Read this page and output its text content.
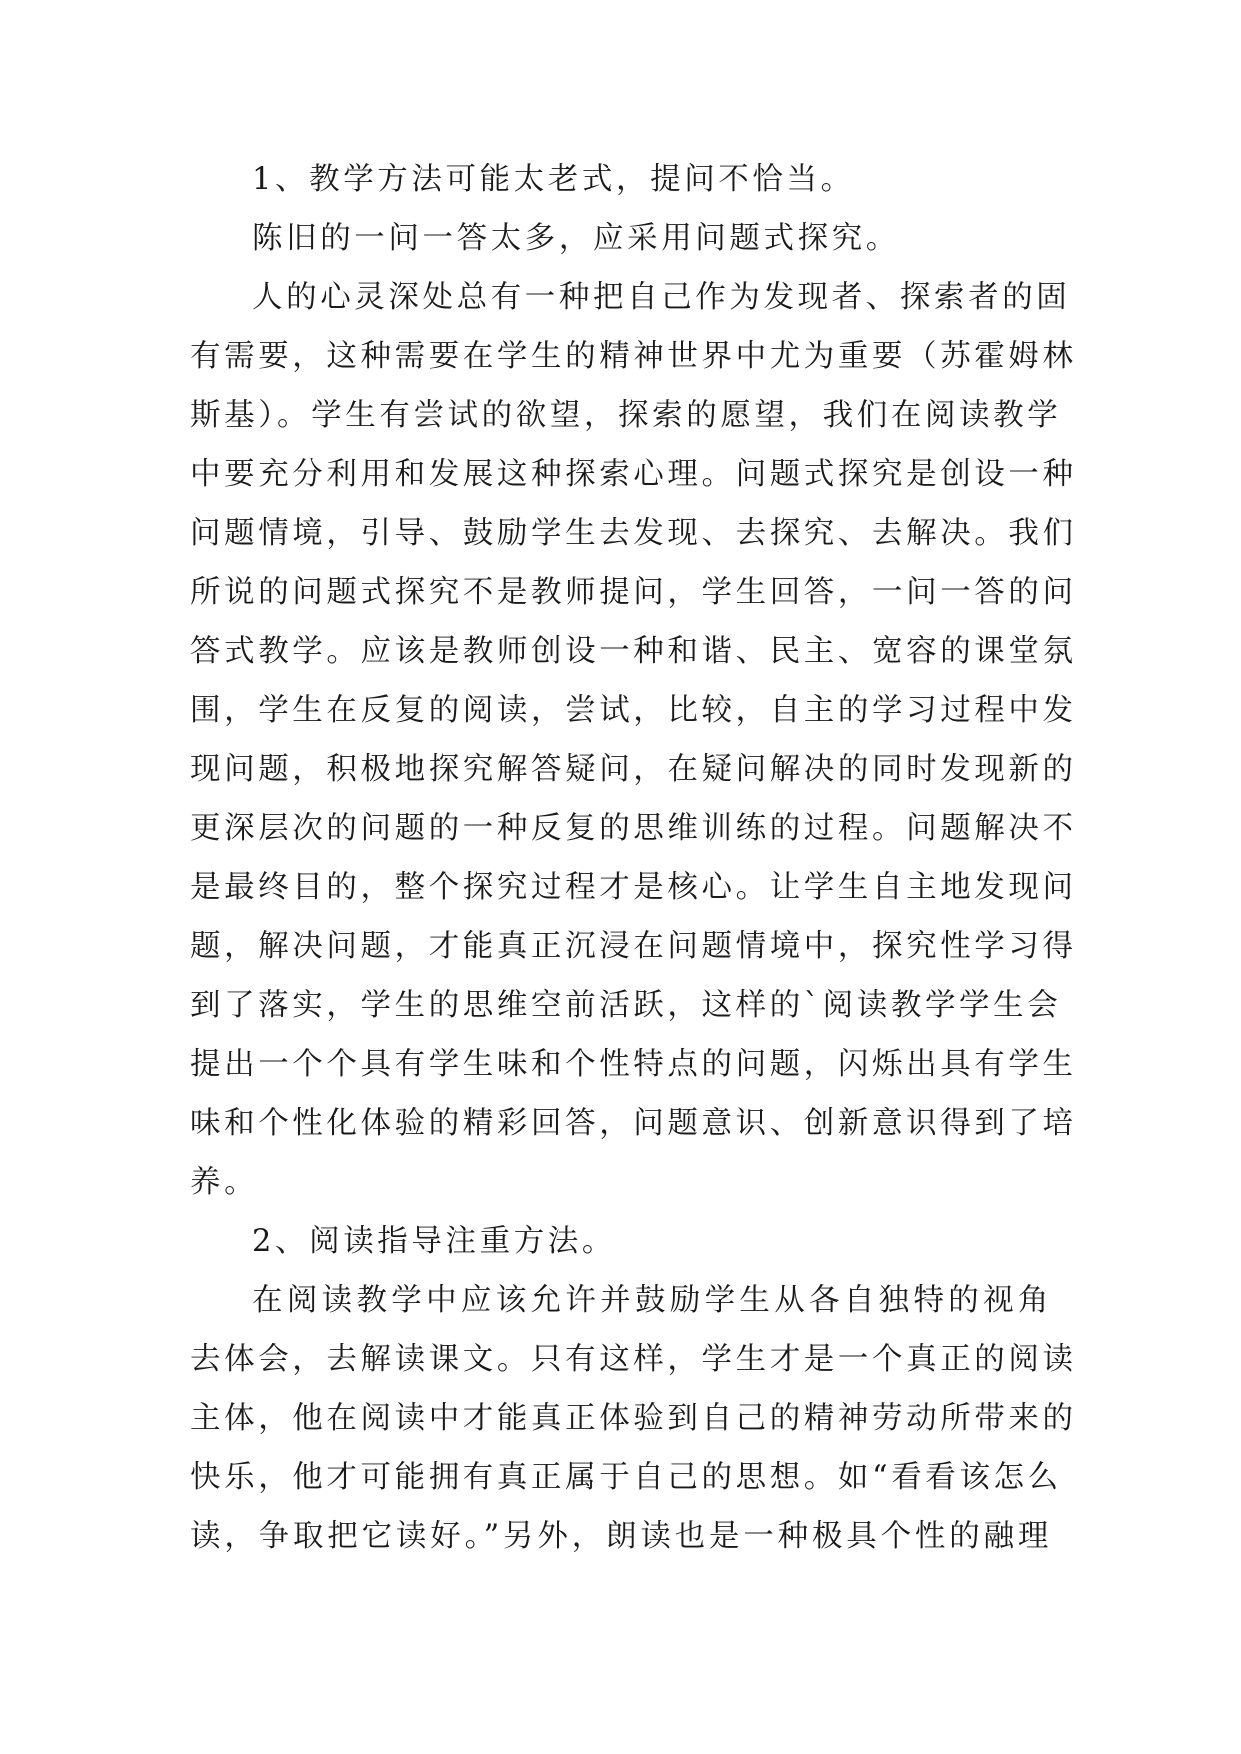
1、教学方法可能太老式，提问不恰当。
陈旧的一问一答太多，应采用问题式探究。
人的心灵深处总有一种把自己作为发现者、探索者的固
有需要，这种需要在学生的精神世界中尤为重要（苏霍姆林
斯基）。学生有尝试的欲望，探索的愿望，我们在阅读教学
中要充分利用和发展这种探索心理。问题式探究是创设一种
问题情境，引导、鼓励学生去发现、去探究、去解决。我们
所说的问题式探究不是教师提问，学生回答，一问一答的问
答式教学。应该是教师创设一种和谐、民主、宽容的课堂氛
围，学生在反复的阅读，尝试，比较，自主的学习过程中发
现问题，积极地探究解答疑问，在疑问解决的同时发现新的
更深层次的问题的一种反复的思维训练的过程。问题解决不
是最终目的，整个探究过程才是核心。让学生自主地发现问
题，解决问题，才能真正沉浸在问题情境中，探究性学习得
到了落实，学生的思维空前活跃，这样的`阅读教学学生会
提出一个个具有学生味和个性特点的问题，闪烁出具有学生
味和个性化体验的精彩回答，问题意识、创新意识得到了培
养。
2、阅读指导注重方法。
在阅读教学中应该允许并鼓励学生从各自独特的视角
去体会，去解读课文。只有这样，学生才是一个真正的阅读
主体，他在阅读中才能真正体验到自己的精神劳动所带来的
快乐，他才可能拥有真正属于自己的思想。如“看看该怎么
读，争取把它读好。”另外，朗读也是一种极具个性的融理
